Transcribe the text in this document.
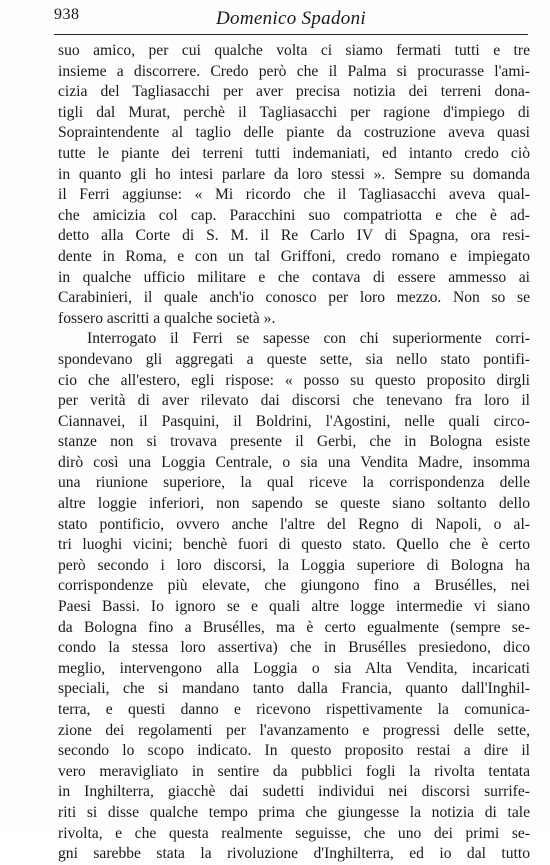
938	Domenico Spadoni
suo amico, per cui qualche volta ci siamo fermati tutti e tre
insieme a discorrere. Credo però che il Palma si procurasse l'ami-
cizia del Tagliasacchi per aver precisa notizia dei terreni dona-
tigli dal Murat, perchè il Tagliasacchi per ragione d'impiego di
Sopraintendente al taglio delle piante da costruzione aveva quasi
tutte le piante dei terreni tutti indemaniati, ed intanto credo ciò
in quanto gli ho intesi parlare da loro stessi ». Sempre su domanda
il Ferri aggiunse: « Mi ricordo che il Tagliasacchi aveva qual-
che amicizia col cap. Paracchini suo compatriotta e che è ad-
detto alla Corte di S. M. il Re Carlo IV di Spagna, ora resi-
dente in Roma, e con un tal Griffoni, credo romano e impiegato
in qualche ufficio militare e che contava di essere ammesso ai
Carabinieri, il quale anch'io conosco per loro mezzo. Non so se
fossero ascritti a qualche società ».
Interrogato il Ferri se sapesse con chi superiormente corri-
spondevano gli aggregati a queste sette, sia nello stato pontifi-
cio che all'estero, egli rispose: « posso su questo proposito dirgli
per verità di aver rilevato dai discorsi che tenevano fra loro il
Ciannavei, il Pasquini, il Boldrini, l'Agostini, nelle quali circo-
stanze non si trovava presente il Gerbi, che in Bologna esiste
dirò così una Loggia Centrale, o sia una Vendita Madre, insomma
una riunione superiore, la qual riceve la corrispondenza delle
altre loggie inferiori, non sapendo se queste siano soltanto dello
stato pontificio, ovvero anche l'altre del Regno di Napoli, o al-
tri luoghi vicini; benchè fuori di questo stato. Quello che è certo
però secondo i loro discorsi, la Loggia superiore di Bologna ha
corrispondenze più elevate, che giungono fino a Brusélles, nei
Paesi Bassi. Io ignoro se e quali altre logge intermedie vi siano
da Bologna fino a Brusélles, ma è certo egualmente (sempre se-
condo la stessa loro assertiva) che in Brusélles presiedono, dico
meglio, intervengono alla Loggia o sia Alta Vendita, incaricati
speciali, che si mandano tanto dalla Francia, quanto dall'Inghil-
terra, e questi danno e ricevono rispettivamente la comunica-
zione dei regolamenti per l'avanzamento e progressi delle sette,
secondo lo scopo indicato. In questo proposito restai a dire il
vero meravigliato in sentire da pubblici fogli la rivolta tentata
in Inghilterra, giacchè dai sudetti individui nei discorsi surrife-
riti si disse qualche tempo prima che giungesse la notizia di tale
rivolta, e che questa realmente seguisse, che uno dei primi se-
gni sarebbe stata la rivoluzione d'Inghilterra, ed io dal tutto
